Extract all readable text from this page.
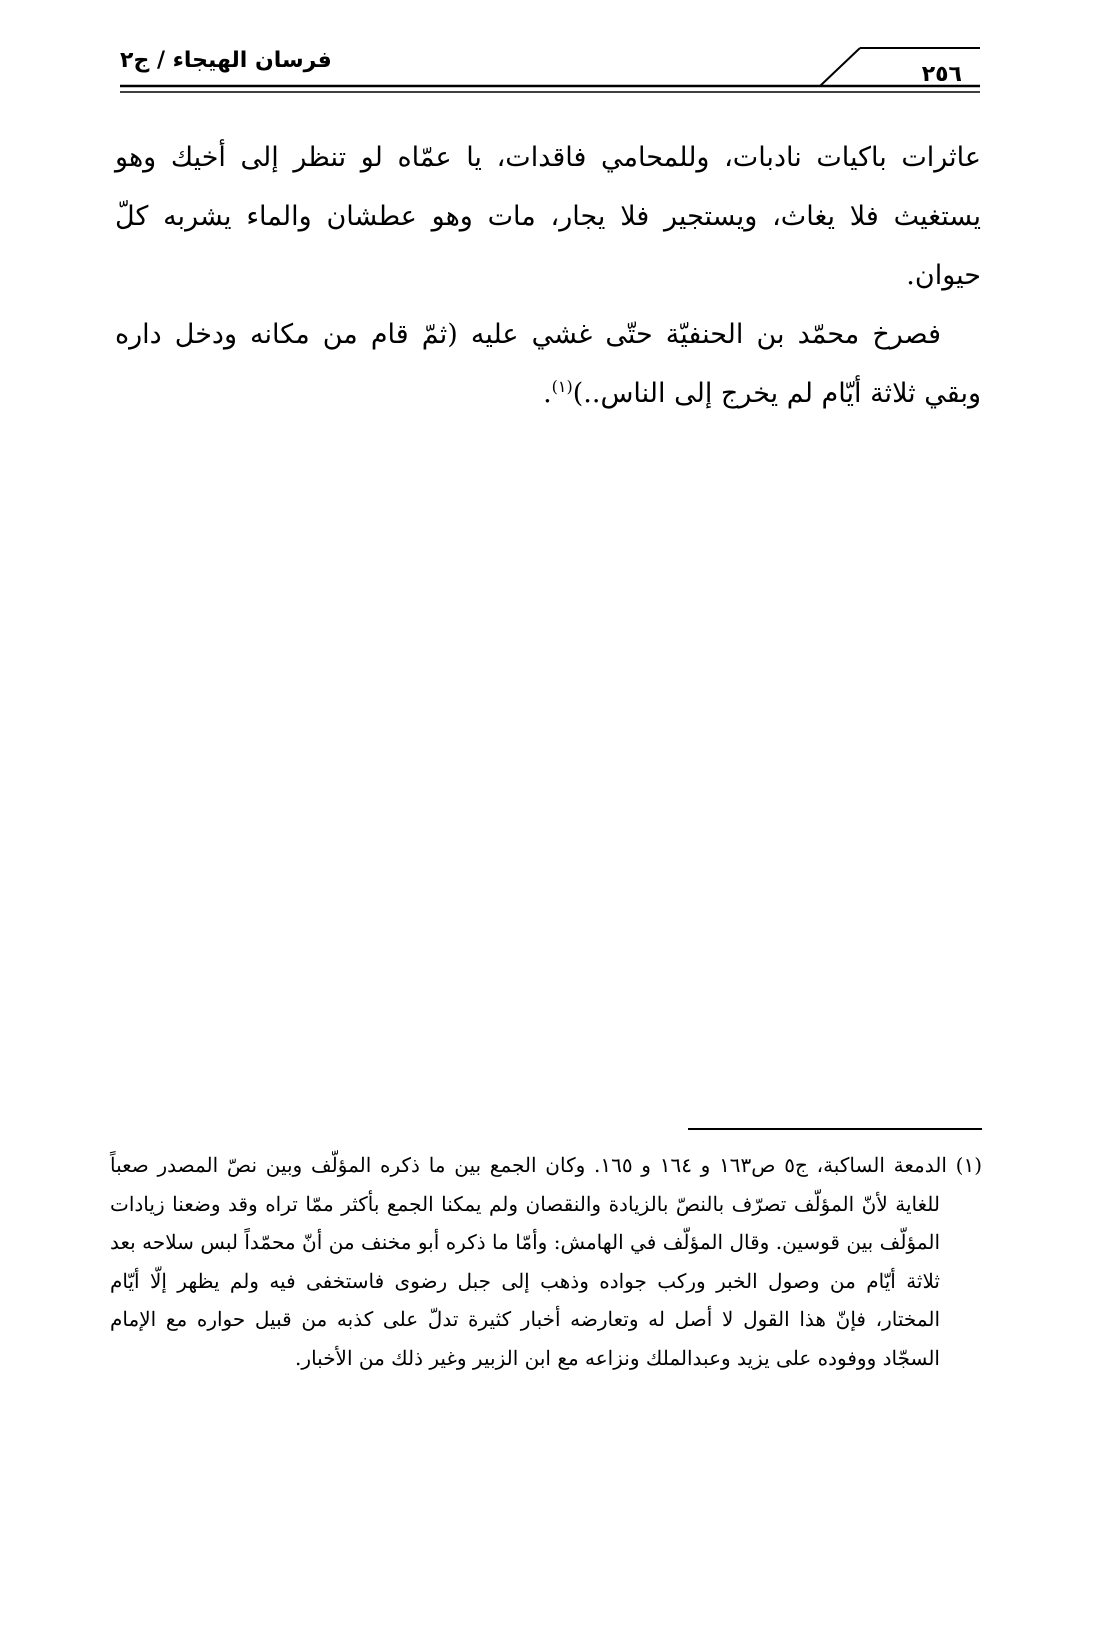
فرسان الهيجاء / ج٢
٢٥٦

عاثرات باكيات نادبات، وللمحامي فاقدات، يا عمّاه لو تنظر إلى أخيك وهو يستغيث فلا يغاث، ويستجير فلا يجار، مات وهو عطشان والماء يشربه كلّ حيوان.

فصرخ محمّد بن الحنفيّة حتّى غشي عليه (ثمّ قام من مكانه ودخل داره وبقي ثلاثة أيّام لم يخرج إلى الناس..)$^{(١)}$.

(١) الدمعة الساكبة، ج٥ ص١٦٣ و ١٦٤ و ١٦٥. وكان الجمع بين ما ذكره المؤلّف وبين نصّ المصدر صعباً للغاية لأنّ المؤلّف تصرّف بالنصّ بالزيادة والنقصان ولم يمكنا الجمع بأكثر ممّا تراه وقد وضعنا زيادات المؤلّف بين قوسين. وقال المؤلّف في الهامش: وأمّا ما ذكره أبو مخنف من أنّ محمّداً لبس سلاحه بعد ثلاثة أيّام من وصول الخبر وركب جواده وذهب إلى جبل رضوى فاستخفى فيه ولم يظهر إلّا أيّام المختار، فإنّ هذا القول لا أصل له وتعارضه أخبار كثيرة تدلّ على كذبه من قبيل حواره مع الإمام السجّاد ووفوده على يزيد وعبدالملك ونزاعه مع ابن الزبير وغير ذلك من الأخبار.
